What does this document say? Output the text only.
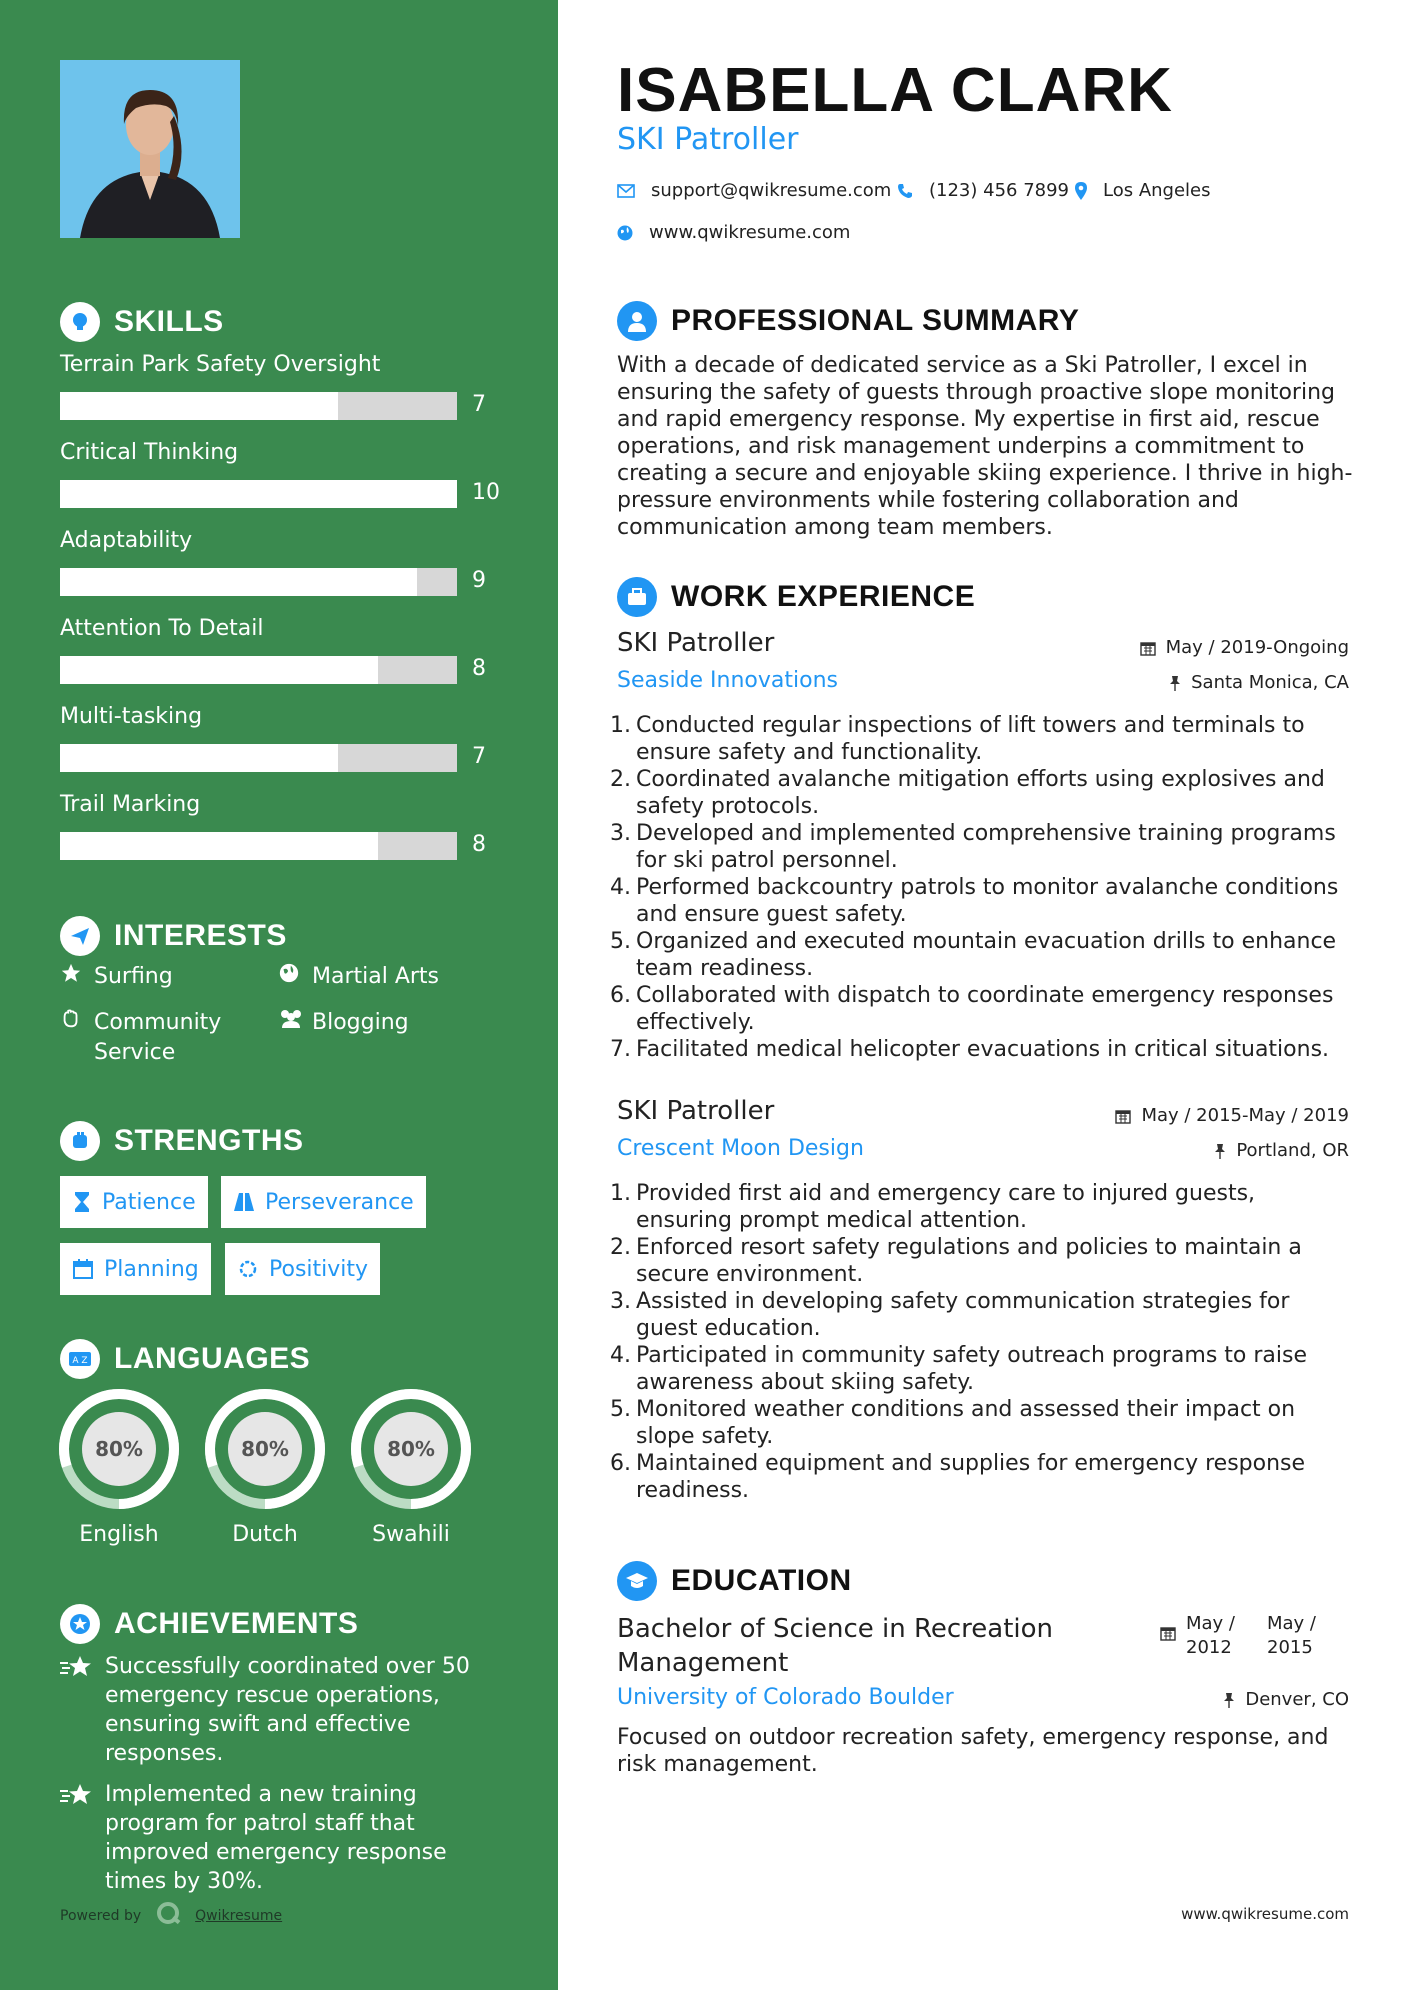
SKILLS
Terrain Park Safety Oversight
7
Critical Thinking
10
Adaptability
9
Attention To Detail
8
Multi-tasking
7
Trail Marking
8
INTERESTS
Surfing	Martial Arts
Community Service
Blogging
STRENGTHS
Patience	Perseverance
Planning	Positivity
A Z LANGUAGES
80%
English
80%
Dutch
80%
Swahili
ACHIEVEMENTS
Successfully coordinated over 50 emergency rescue operations, ensuring swift and effective responses.
Implemented a new training program for patrol staff that improved emergency response times by 30%.
Powered by	Qwikresume
ISABELLA CLARK
SKI Patroller
support@qwikresume.com (123) 456 7899 Los Angeles
www.qwikresume.com
PROFESSIONAL SUMMARY
With a decade of dedicated service as a Ski Patroller, I excel in ensuring the safety of guests through proactive slope monitoring and rapid emergency response. My expertise in first aid, rescue operations, and risk management underpins a commitment to creating a secure and enjoyable skiing experience. I thrive in high-pressure environments while fostering collaboration and communication among team members.
WORK EXPERIENCE
SKI Patroller	May / 2019-Ongoing
Seaside Innovations	Santa Monica, CA
1. Conducted regular inspections of lift towers and terminals to ensure safety and functionality.
2. Coordinated avalanche mitigation efforts using explosives and safety protocols.
3. Developed and implemented comprehensive training programs for ski patrol personnel.
4. Performed backcountry patrols to monitor avalanche conditions and ensure guest safety.
5. Organized and executed mountain evacuation drills to enhance team readiness.
6. Collaborated with dispatch to coordinate emergency responses effectively.
7. Facilitated medical helicopter evacuations in critical situations.
SKI Patroller	May / 2015-May / 2019
Crescent Moon Design	Portland, OR
1. Provided first aid and emergency care to injured guests, ensuring prompt medical attention.
2. Enforced resort safety regulations and policies to maintain a secure environment.
3. Assisted in developing safety communication strategies for guest education.
4. Participated in community safety outreach programs to raise awareness about skiing safety.
5. Monitored weather conditions and assessed their impact on slope safety.
6. Maintained equipment and supplies for emergency response readiness.
EDUCATION
Bachelor of Science in Recreation Management
May /
2012
May /
2015
University of Colorado Boulder	Denver, CO
Focused on outdoor recreation safety, emergency response, and risk management.
www.qwikresume.com
